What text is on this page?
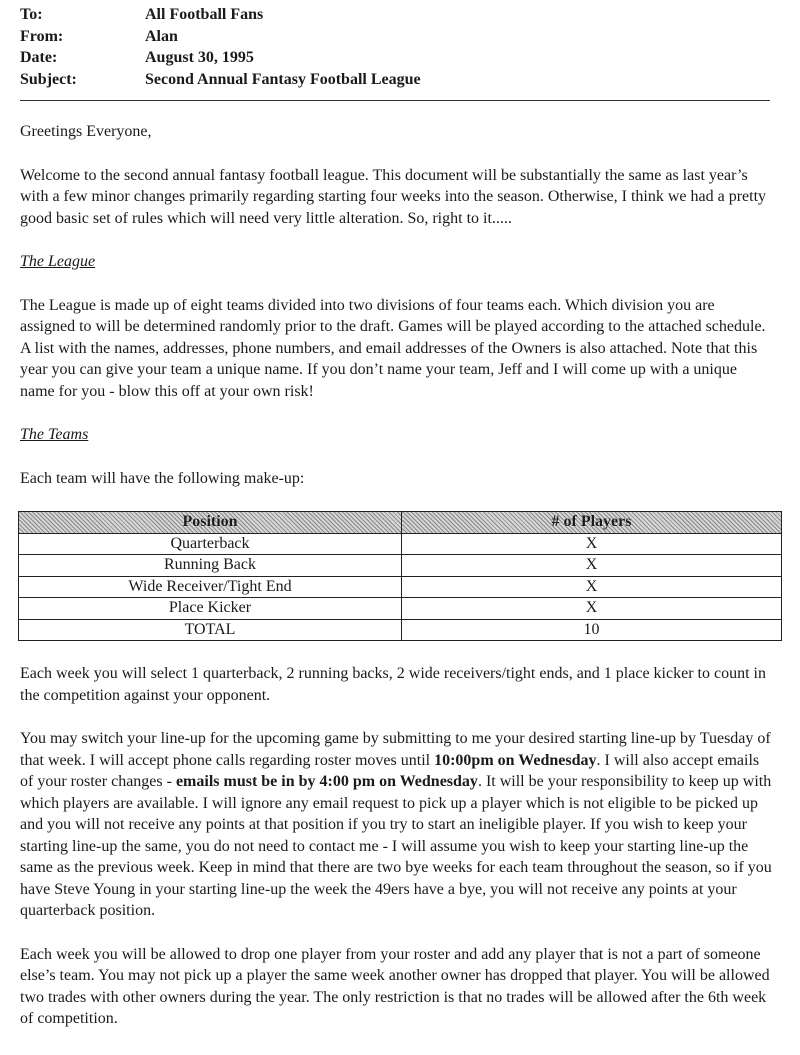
To:	All Football Fans
From:	Alan
Date:	August 30, 1995
Subject:	Second Annual Fantasy Football League

Greetings Everyone,

Welcome to the second annual fantasy football league. This document will be substantially the same as last year’s with a few minor changes primarily regarding starting four weeks into the season. Otherwise, I think we had a pretty good basic set of rules which will need very little alteration. So, right to it.....

The League

The League is made up of eight teams divided into two divisions of four teams each. Which division you are assigned to will be determined randomly prior to the draft. Games will be played according to the attached schedule. A list with the names, addresses, phone numbers, and email addresses of the Owners is also attached. Note that this year you can give your team a unique name. If you don’t name your team, Jeff and I will come up with a unique name for you - blow this off at your own risk!

The Teams

Each team will have the following make-up:

Position	# of Players
Quarterback	X
Running Back	X
Wide Receiver/Tight End	X
Place Kicker	X
TOTAL	10

Each week you will select 1 quarterback, 2 running backs, 2 wide receivers/tight ends, and 1 place kicker to count in the competition against your opponent.

You may switch your line-up for the upcoming game by submitting to me your desired starting line-up by Tuesday of that week. I will accept phone calls regarding roster moves until 10:00pm on Wednesday. I will also accept emails of your roster changes - emails must be in by 4:00 pm on Wednesday. It will be your responsibility to keep up with which players are available. I will ignore any email request to pick up a player which is not eligible to be picked up and you will not receive any points at that position if you try to start an ineligible player. If you wish to keep your starting line-up the same, you do not need to contact me - I will assume you wish to keep your starting line-up the same as the previous week. Keep in mind that there are two bye weeks for each team throughout the season, so if you have Steve Young in your starting line-up the week the 49ers have a bye, you will not receive any points at your quarterback position.

Each week you will be allowed to drop one player from your roster and add any player that is not a part of someone else’s team. You may not pick up a player the same week another owner has dropped that player. You will be allowed two trades with other owners during the year. The only restriction is that no trades will be allowed after the 6th week of competition.
